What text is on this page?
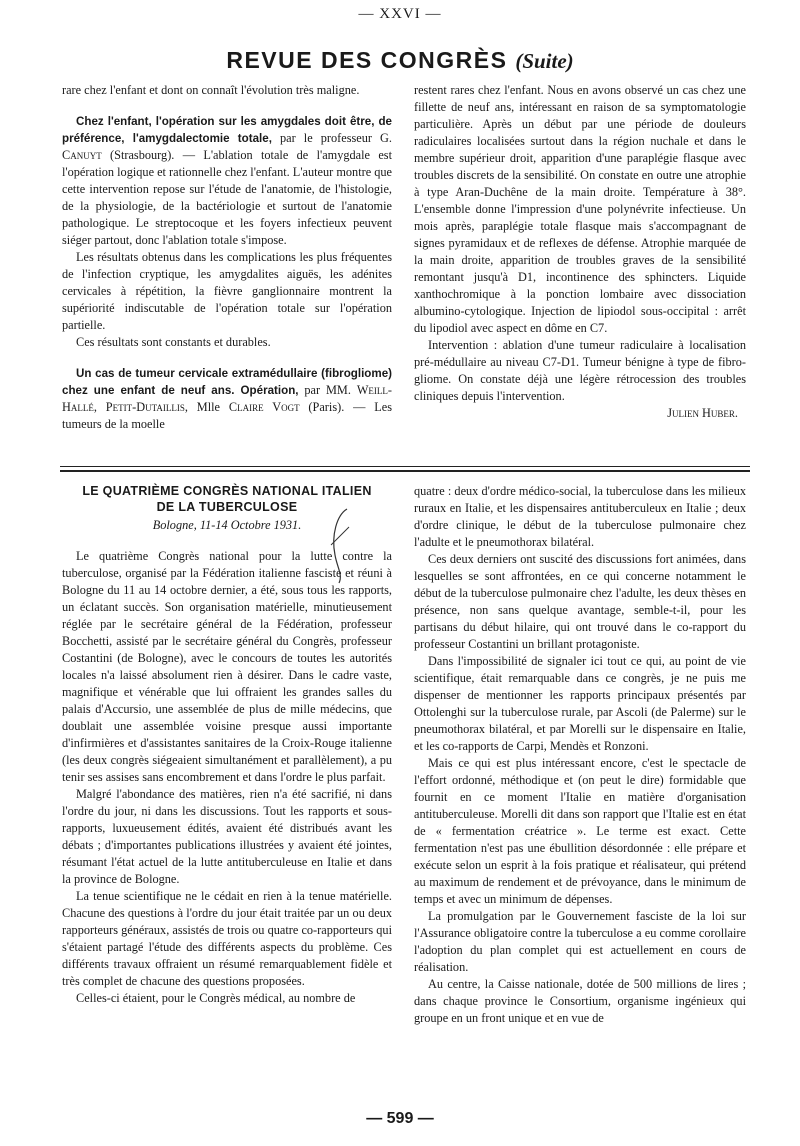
— XXVI —
REVUE DES CONGRÈS (Suite)

rare chez l'enfant et dont on connaît l'évolution très maligne.

Chez l'enfant, l'opération sur les amygdales doit être, de préférence, l'amygdalectomie totale, par le professeur G. Canuyt (Strasbourg). — L'ablation totale de l'amygdale est l'opération logique et rationnelle chez l'enfant. L'auteur montre que cette intervention repose sur l'étude de l'anatomie, de l'histologie, de la physiologie, de la bactériologie et surtout de l'anatomie pathologique. Le streptocoque et les foyers infectieux peuvent siéger partout, donc l'ablation totale s'impose.

Les résultats obtenus dans les complications les plus fréquentes de l'infection cryptique, les amygdalites aiguës, les adénites cervicales à répétition, la fièvre ganglionnaire montrent la supériorité indiscutable de l'opération totale sur l'opération partielle.

Ces résultats sont constants et durables.

Un cas de tumeur cervicale extramédullaire (fibrogliome) chez une enfant de neuf ans. Opération, par MM. Weill-Hallé, Petit-Dutaillis, Mlle Claire Vogt (Paris). — Les tumeurs de la moelle

restent rares chez l'enfant. Nous en avons observé un cas chez une fillette de neuf ans, intéressant en raison de sa symptomatologie particulière. Après un début par une période de douleurs radiculaires localisées surtout dans la région nuchale et dans le membre supérieur droit, apparition d'une paraplégie flasque avec troubles discrets de la sensibilité. On constate en outre une atrophie à type Aran-Duchêne de la main droite. Température à 38°. L'ensemble donne l'impression d'une polynévrite infectieuse. Un mois après, paraplégie totale flasque mais s'accompagnant de signes pyramidaux et de reflexes de défense. Atrophie marquée de la main droite, apparition de troubles graves de la sensibilité remontant jusqu'à D1, incontinence des sphincters. Liquide xanthochromique à la ponction lombaire avec dissociation albumino-cytologique. Injection de lipiodol sous-occipital : arrêt du lipodiol avec aspect en dôme en C7.

Intervention : ablation d'une tumeur radiculaire à localisation pré-médullaire au niveau C7-D1. Tumeur bénigne à type de fibro-gliome. On constate déjà une légère rétrocession des troubles cliniques depuis l'intervention.

Julien Huber.

LE QUATRIÈME CONGRÈS NATIONAL ITALIEN
DE LA TUBERCULOSE
Bologne, 11-14 Octobre 1931.

Le quatrième Congrès national pour la lutte contre la tuberculose, organisé par la Fédération italienne fasciste et réuni à Bologne du 11 au 14 octobre dernier, a été, sous tous les rapports, un éclatant succès. Son organisation matérielle, minutieusement réglée par le secrétaire général de la Fédération, professeur Bocchetti, assisté par le secrétaire général du Congrès, professeur Costantini (de Bologne), avec le concours de toutes les autorités locales n'a laissé absolument rien à désirer. Dans le cadre vaste, magnifique et vénérable que lui offraient les grandes salles du palais d'Accursio, une assemblée de plus de mille médecins, que doublait une assemblée voisine presque aussi importante d'infirmières et d'assistantes sanitaires de la Croix-Rouge italienne (les deux congrès siégeaient simultanément et parallèlement), a pu tenir ses assises sans encombrement et dans l'ordre le plus parfait.

Malgré l'abondance des matières, rien n'a été sacrifié, ni dans l'ordre du jour, ni dans les discussions. Tout les rapports et sous-rapports, luxueusement édités, avaient été distribués avant les débats ; d'importantes publications illustrées y avaient été jointes, résumant l'état actuel de la lutte antituberculeuse en Italie et dans la province de Bologne.

La tenue scientifique ne le cédait en rien à la tenue matérielle. Chacune des questions à l'ordre du jour était traitée par un ou deux rapporteurs généraux, assistés de trois ou quatre co-rapporteurs qui s'étaient partagé l'étude des différents aspects du problème. Ces différents travaux offraient un résumé remarquablement fidèle et très complet de chacune des questions proposées.

Celles-ci étaient, pour le Congrès médical, au nombre de

quatre : deux d'ordre médico-social, la tuberculose dans les milieux ruraux en Italie, et les dispensaires antituberculeux en Italie ; deux d'ordre clinique, le début de la tuberculose pulmonaire chez l'adulte et le pneumothorax bilatéral.

Ces deux derniers ont suscité des discussions fort animées, dans lesquelles se sont affrontées, en ce qui concerne notamment le début de la tuberculose pulmonaire chez l'adulte, les deux thèses en présence, non sans quelque avantage, semble-t-il, pour les partisans du début hilaire, qui ont trouvé dans le co-rapport du professeur Costantini un brillant protagoniste.

Dans l'impossibilité de signaler ici tout ce qui, au point de vie scientifique, était remarquable dans ce congrès, je ne puis me dispenser de mentionner les rapports principaux présentés par Ottolenghi sur la tuberculose rurale, par Ascoli (de Palerme) sur le pneumothorax bilatéral, et par Morelli sur le dispensaire en Italie, et les co-rapports de Carpi, Mendès et Ronzoni.

Mais ce qui est plus intéressant encore, c'est le spectacle de l'effort ordonné, méthodique et (on peut le dire) formidable que fournit en ce moment l'Italie en matière d'organisation antituberculeuse. Morelli dit dans son rapport que l'Italie est en état de « fermentation créatrice ». Le terme est exact. Cette fermentation n'est pas une ébullition désordonnée : elle prépare et exécute selon un esprit à la fois pratique et réalisateur, qui prétend au maximum de rendement et de prévoyance, dans le minimum de temps et avec un minimum de dépenses.

La promulgation par le Gouvernement fasciste de la loi sur l'Assurance obligatoire contre la tuberculose a eu comme corollaire l'adoption du plan complet qui est actuellement en cours de réalisation.

Au centre, la Caisse nationale, dotée de 500 millions de lires ; dans chaque province le Consortium, organisme ingénieux qui groupe en un front unique et en vue de

— 599 —
